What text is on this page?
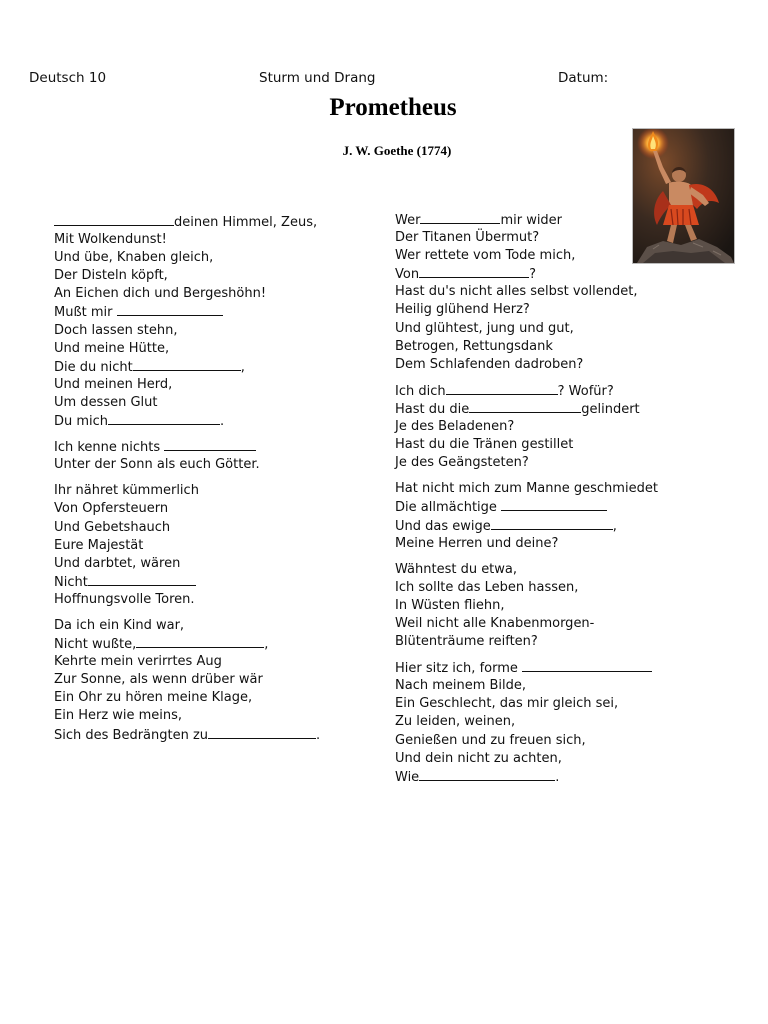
Deutsch 10	Sturm und Drang	Datum:
Prometheus
J. W. Goethe (1774)
deinen Himmel, Zeus,
Mit Wolkendunst!
Und übe, Knaben gleich,
Der Disteln köpft,
An Eichen dich und Bergeshöhn!
Mußt mir
Doch lassen stehn,
Und meine Hütte,
Die du nicht	,
Und meinen Herd,
Um dessen Glut
Du mich	.
Ich kenne nichts
Unter der Sonn als euch Götter.
Ihr nähret kümmerlich
Von Opfersteuern
Und Gebetshauch
Eure Majestät
Und darbtet, wären
Nicht
Hoffnungsvolle Toren.
Da ich ein Kind war,
Nicht wußte,	,
Kehrte mein verirrtes Aug
Zur Sonne, als wenn drüber wär
Ein Ohr zu hören meine Klage,
Ein Herz wie meins,
Sich des Bedrängten zu	.
Wer	mir wider
Der Titanen Übermut?
Wer rettete vom Tode mich,
Von	?
Hast du's nicht alles selbst vollendet,
Heilig glühend Herz?
Und glühtest, jung und gut,
Betrogen, Rettungsdank
Dem Schlafenden dadroben?
Ich dich	? Wofür?
Hast du die	gelindert
Je des Beladenen?
Hast du die Tränen gestillet
Je des Geängsteten?
Hat nicht mich zum Manne geschmiedet
Die allmächtige
Und das ewige	,
Meine Herren und deine?
Wähntest du etwa,
Ich sollte das Leben hassen,
In Wüsten fliehn,
Weil nicht alle Knabenmorgen-
Blütenträume reiften?
Hier sitz ich, forme
Nach meinem Bilde,
Ein Geschlecht, das mir gleich sei,
Zu leiden, weinen,
Genießen und zu freuen sich,
Und dein nicht zu achten,
Wie	.
